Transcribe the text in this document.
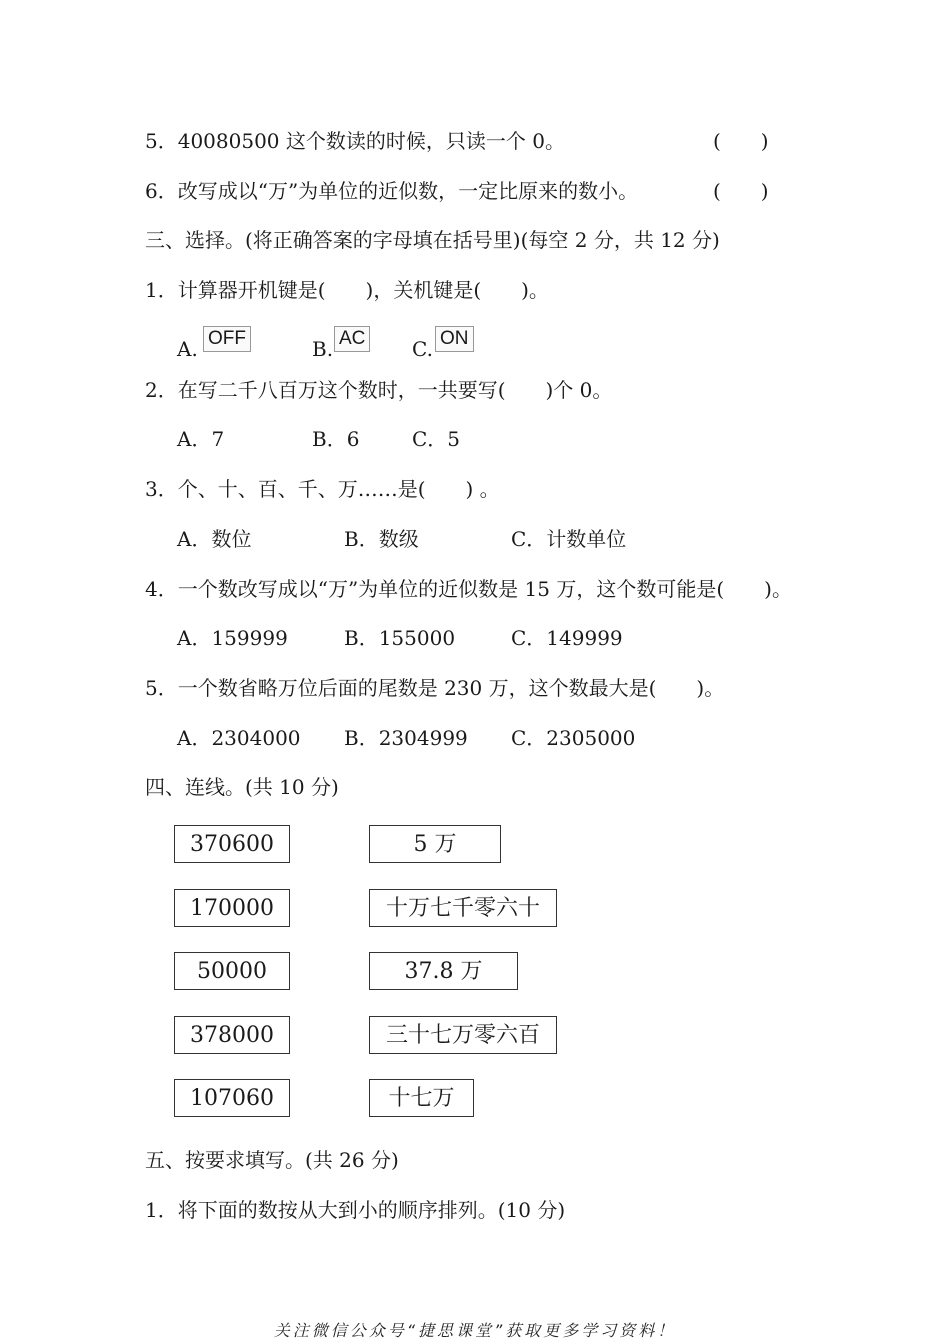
5．40080500 这个数读的时候，只读一个 0。	(　　)
6．改写成以“万”为单位的近似数，一定比原来的数小。	(　　)
三、选择。(将正确答案的字母填在括号里)(每空 2 分，共 12 分)
1．计算器开机键是(　　)，关机键是(　　)。
A. OFF	B. AC C. ON
2．在写二千八百万这个数时，一共要写(　　)个 0。
A．7	B．6	C．5
3．个、十、百、千、万……是(　　) 。
A．数位	B．数级	C．计数单位
4．一个数改写成以“万”为单位的近似数是 15 万，这个数可能是(　　)。
A．159999	B．155000	C．149999
5．一个数省略万位后面的尾数是 230 万，这个数最大是(　　)。
A．2304000 B．2304999 C．2305000
四、连线。(共 10 分)
370600
170000
50000
378000
107060
5 万
十万七千零六十
37.8 万
三十七万零六百
十七万
五、按要求填写。(共 26 分)
1．将下面的数按从大到小的顺序排列。(10 分)
关注微信公众号“捷思课堂”获取更多学习资料！
